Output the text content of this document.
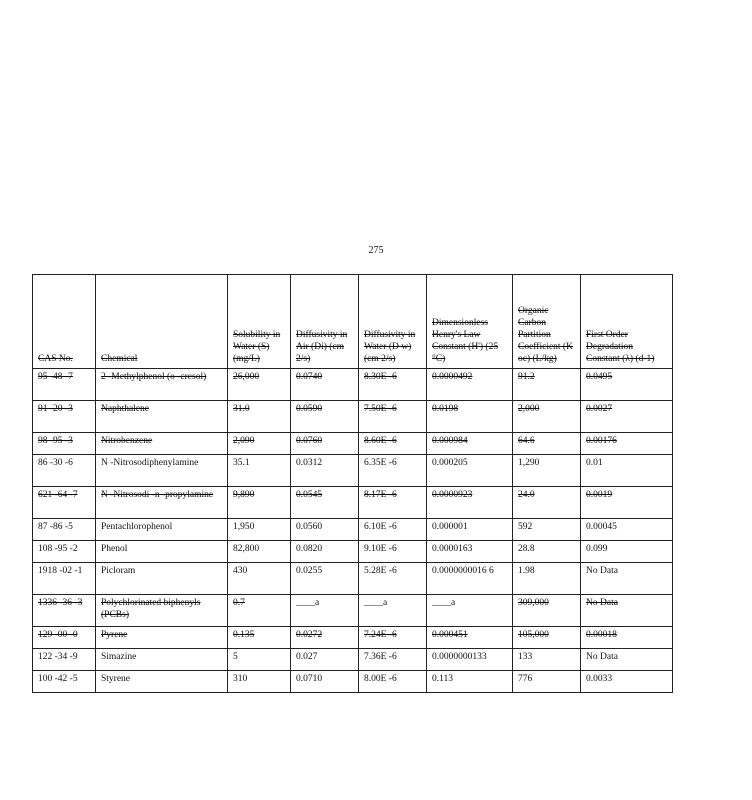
275
CAS No.	Chemical	Solubility in Water (S) (mg/L)	Diffusivity in Air (Di) (cm 2/s)	Diffusivity in Water (D w) (cm 2/s)	Dimensionless Henry's Law Constant (H') (25 °C)	Organic Carbon Partition Coefficient (K oc) (L/kg)	First Order Degradation Constant (λ) (d-1)
95 -48 -7	2 -Methylphenol (o -cresol)	26,000	0.0740	8.30E -6	0.0000492	91.2	0.0495
91 -20 -3	Naphthalene	31.0	0.0590	7.50E -6	0.0198	2,000	0.0027
98 -95 -3	Nitrobenzene	2,090	0.0760	8.60E -6	0.000984	64.6	0.00176
86 -30 -6	N -Nitrosodiphenylamine	35.1	0.0312	6.35E -6	0.000205	1,290	0.01
621 -64 -7	N -Nitrosodi -n -propylamine	9,890	0.0545	8.17E -6	0.0000923	24.0	0.0019
87 -86 -5	Pentachlorophenol	1,950	0.0560	6.10E -6	0.000001	592	0.00045
108 -95 -2	Phenol	82,800	0.0820	9.10E -6	0.0000163	28.8	0.099
1918 -02 -1	Picloram	430	0.0255	5.28E -6	0.0000000016 6	1.98	No Data
1336 -36 -3	Polychlorinated biphenyls (PCBs)	0.7	____a	____a	____a	309,000	No Data
129 -00 -0	Pyrene	0.135	0.0272	7.24E -6	0.000451	105,000	0.00018
122 -34 -9	Simazine	5	0.027	7.36E -6	0.0000000133	133	No Data
100 -42 -5	Styrene	310	0.0710	8.00E -6	0.113	776	0.0033
